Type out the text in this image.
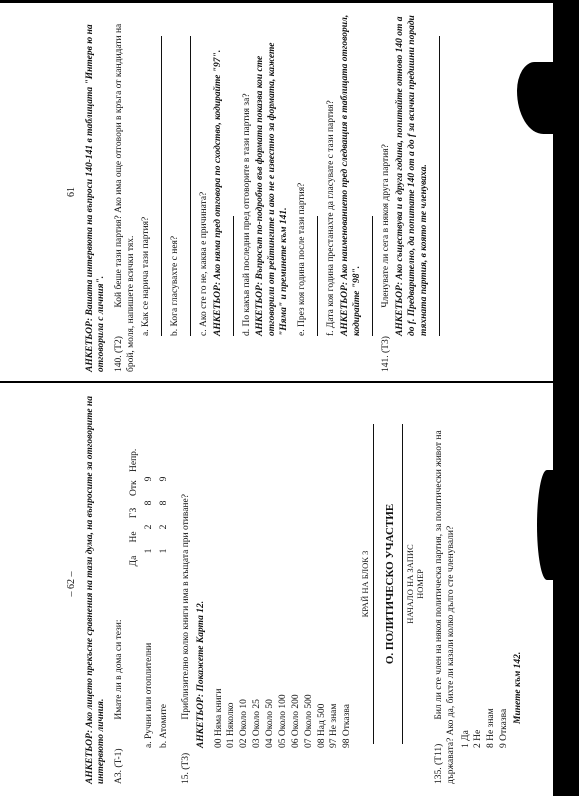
61 АНКЕТЬОР: Вашата интервюта на въпроси 140-141 в таблицата "Интерв ю на отговорила с личния". 140. (T2) Кой беше тази партия? Ако има още отговори в кръга от кандидати на брой, моля, напишете всички тях. а. Как се нарича тази партия? b. Кога гласувахте с нея? с. Ако сте го не, каква е причината? АНКЕТЬОР: Ако няма пред отговора по сходство, кодирайте "97". d. По какъв пай последни пред отговорите в тази партия за? АНКЕТЬОР: Въпросът по-подробно във формата показва кои сте отговорили от рейтингите и ако не е известно за формата, кажете "Няма" и преминете към 141. е. През коя година после тази партия? f. Дата коя година престанахте да гласувате с тази партия? АНКЕТЬОР: Ако наименованието пред следващия в таблицата отговорил, кодирайте "98".
141. (T3) Членувате ли сега в някоя друга партия? АНКЕТЬОР: Ако съществува и в друга година, попитайте отново 140 от а до f. Предварително, да попитате 140 от а до f за всички предишни поради тяхната партия, в която те членуваха.
– 62 – АНКЕТЬОР: Ако лицето прекъсне сравнения на тази дума, на въпросите за отговорите на интервюто личния. A3. (T-1) Имате ли в дома си тези:
Да
Не
ГЗ
Отк
Непр.
a. Ручни или отоплителни
1
2
8
9
b. Атомите
1
2
8
9
15. (T3) Приблизително колко книги има в къщата при отиване? АНКЕТЬОР: Покажете Карта 12. 00 Няма книги 01 Няколко 02 Около 10 03 Около 25 04 Около 50 05 Около 100 06 Около 200 07 Около 500 08 Над 500 97 Не знам 98 Отказва
КРАЙ НА БЛОК 3 О. ПОЛИТИЧЕСКО УЧАСТИЕ НАЧАЛО НА ЗАПИС НОМЕР
135. (T11) Бил ли сте член на някоя политическа партия, за политически живот на държавата? Ако да, бихте ли казали колко дълго сте членували? 1 Да 2 Не 8 Не знам 9 Отказва
Минете към 142.
